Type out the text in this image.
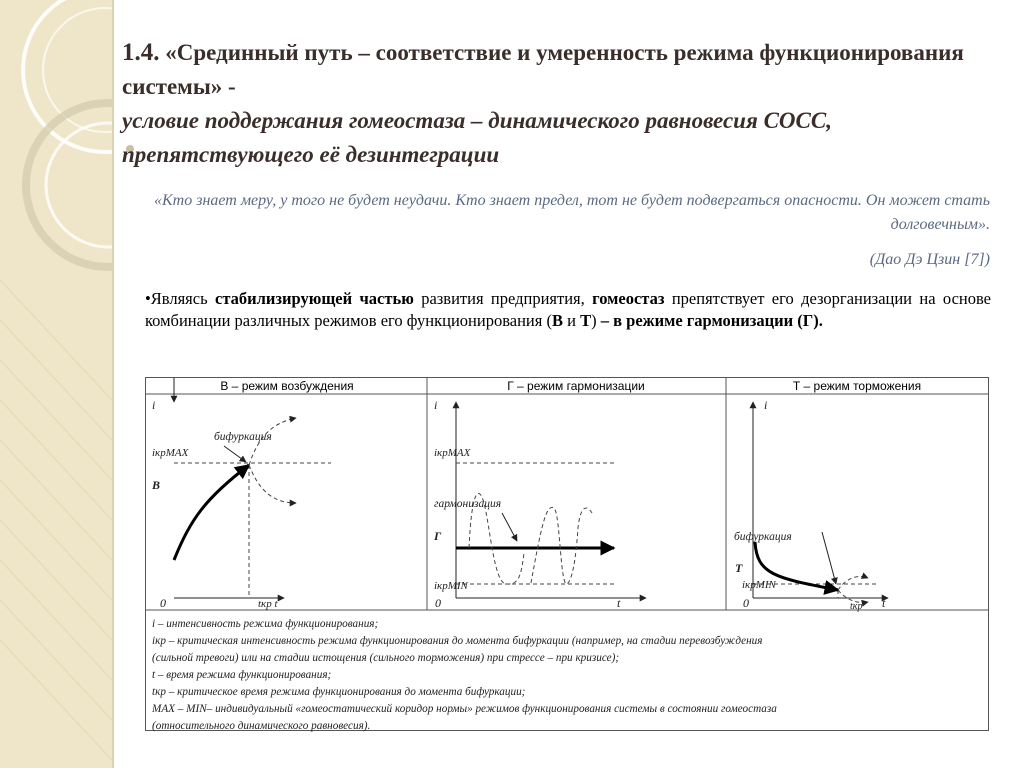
1.4. «Срединный путь – соответствие и умеренность режима функционирования системы» -
условие поддержания гомеостаза – динамического равновесия СОСС, препятствующего её дезинтеграции
«Кто знает меру, у того не будет неудачи. Кто знает предел, тот не будет подвергаться опасности. Он может стать долговечным».
(Дао Дэ Цзин [7])
•Являясь стабилизирующей частью развития предприятия, гомеостаз препятствует его дезорганизации на основе комбинации различных режимов его функционирования (В и Т) – в режиме гармонизации (Г).
В – режим возбуждения	Г – режим гармонизации	Т – режим торможения
i
0	tкр t
iкрMAX
В
бифуркация
i
0	t
iкрMAX
iкрMIN
Г
гармонизация
i
0	tкр t
iкрMIN
Т
бифуркация
i – интенсивность режима функционирования;
iкр – критическая интенсивность режима функционирования до момента бифуркации (например, на стадии перевозбуждения
(сильной тревоги) или на стадии истощения (сильного торможения) при стрессе – при кризисе);
t – время режима функционирования;
tкр – критическое время режима функционирования до момента бифуркации;
MAX – MIN– индивидуальный «гомеостатический коридор нормы» режимов функционирования системы в состоянии гомеостаза
(относительного динамического равновесия).
